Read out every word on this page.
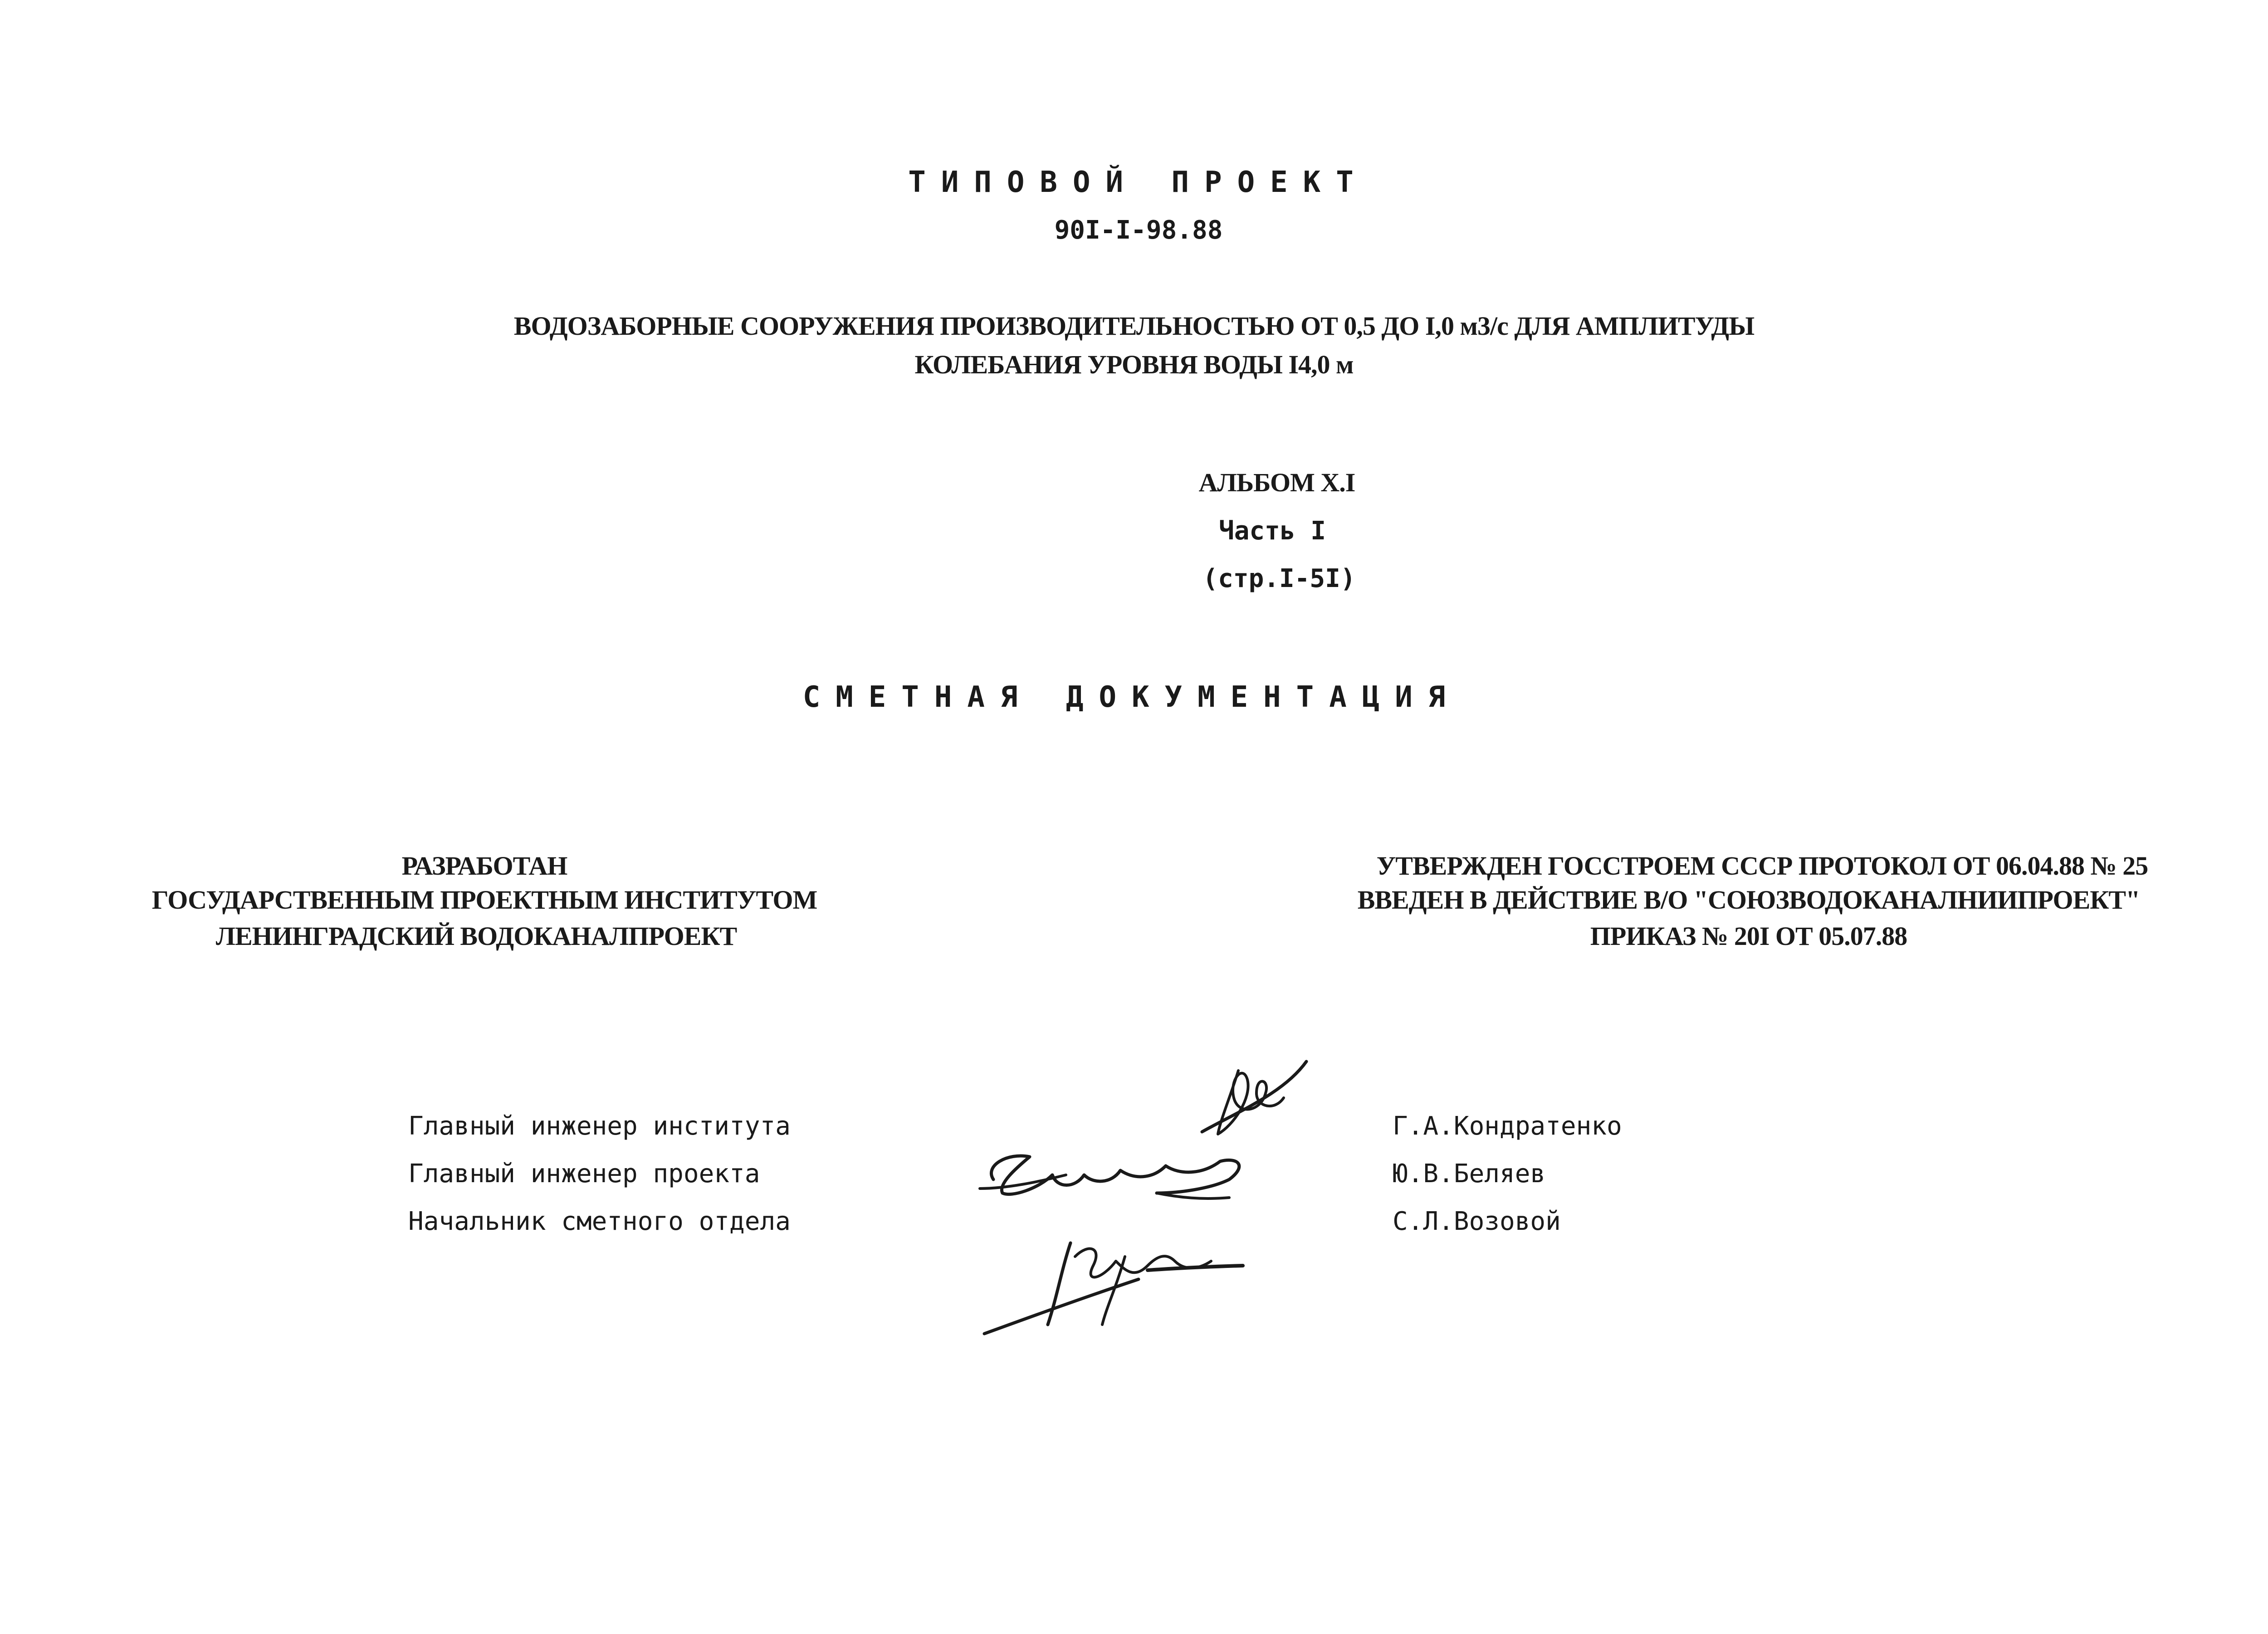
ТИПОВОЙ ПРОЕКТ
90I-I-98.88
ВОДОЗАБОРНЫЕ СООРУЖЕНИЯ ПРОИЗВОДИТЕЛЬНОСТЬЮ ОТ 0,5 ДО I,0 м3/с ДЛЯ АМПЛИТУДЫ
КОЛЕБАНИЯ УРОВНЯ ВОДЫ I4,0 м
АЛЬБОМ Х.I
Часть I
(стр.I-5I)
СМЕТНАЯ ДОКУМЕНТАЦИЯ
РАЗРАБОТАН
ГОСУДАРСТВЕННЫМ ПРОЕКТНЫМ ИНСТИТУТОМ
ЛЕНИНГРАДСКИЙ ВОДОКАНАЛПРОЕКТ
УТВЕРЖДЕН ГОССТРОЕМ СССР ПРОТОКОЛ ОТ 06.04.88 № 25
ВВЕДЕН В ДЕЙСТВИЕ В/О "СОЮЗВОДОКАНАЛНИИПРОЕКТ"
ПРИКАЗ № 20I ОТ 05.07.88
Главный инженер института
Главный инженер проекта
Начальник сметного отдела
Г.А.Кондратенко
Ю.В.Беляев
С.Л.Возовой
